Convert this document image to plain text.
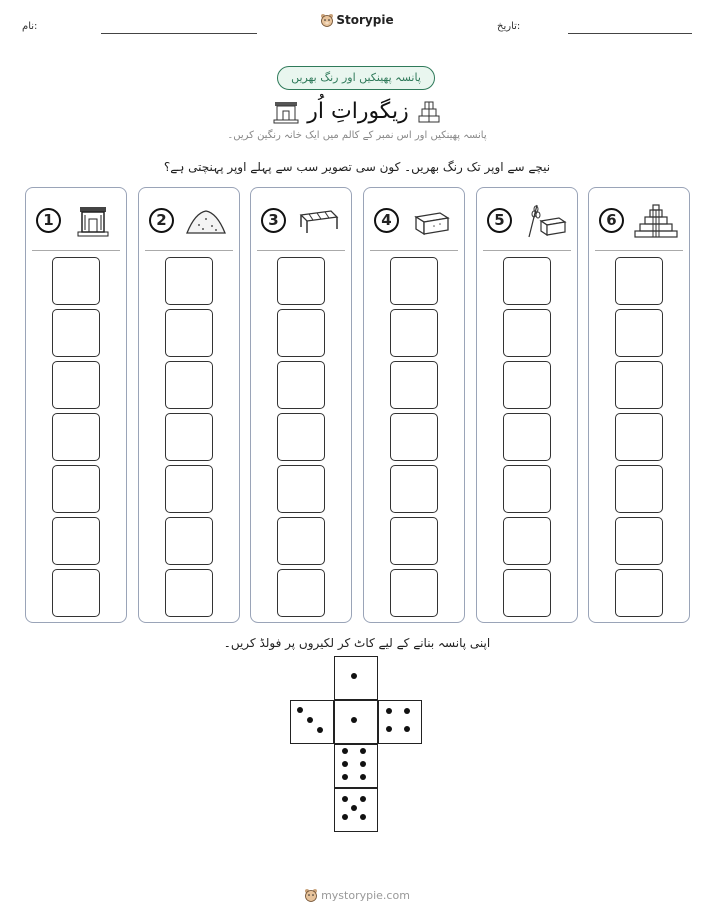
نام:	Storypie	تاریخ:
پانسہ پھینکیں اور رنگ بھریں
زیگوراتِ اُر
پانسہ پھینکیں اور اس نمبر کے کالم میں ایک خانہ رنگین کریں۔
نیچے سے اوپر تک رنگ بھریں۔ کون سی تصویر سب سے پہلے اوپر پہنچتی ہے؟
1	2	3	4	5	6
اپنی پانسہ بنانے کے لیے کاٹ کر لکیروں پر فولڈ کریں۔
mystorypie.com
